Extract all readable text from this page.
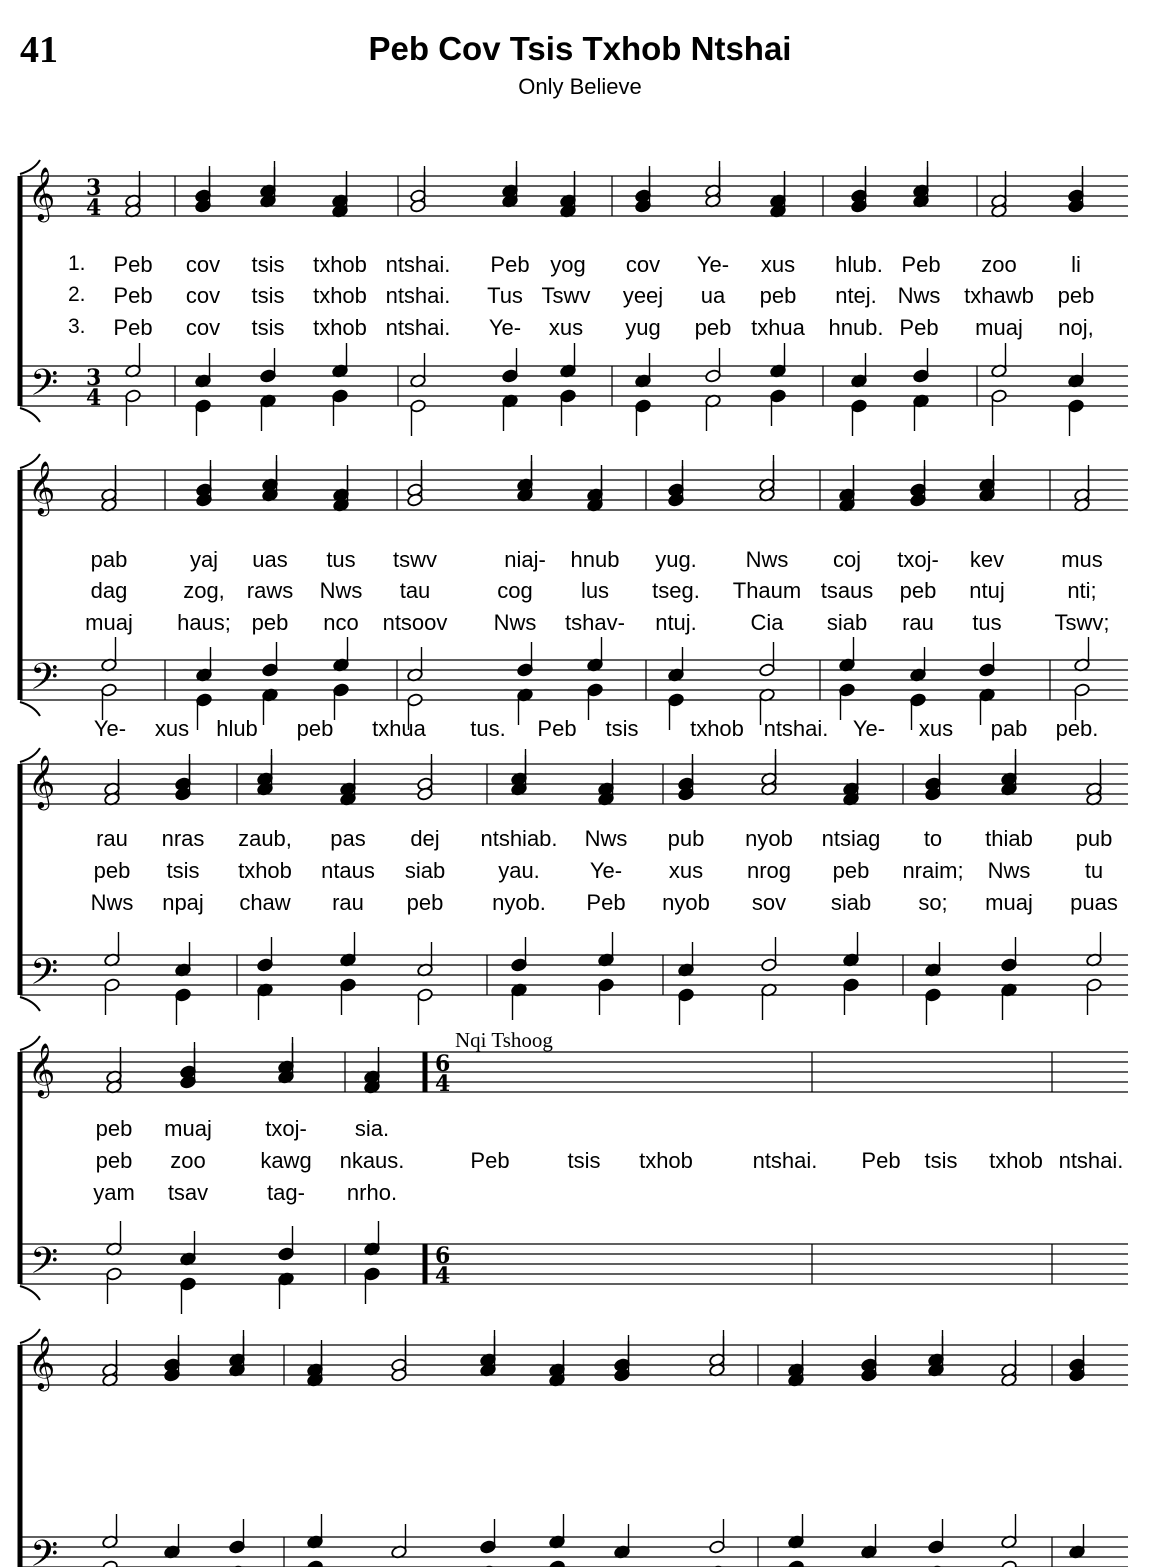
41	Peb Cov Tsis Txhob Ntshai
Only Believe
Nqi Tshoog
𝄞
𝄢
3
4
3
4
𝄞
𝄢
𝄞
𝄢
𝄞
𝄢
6
4
6
4
𝄞
𝄢
1. Peb cov tsis txhob ntshai. Peb yog cov Ye- xus hlub. Peb zoo li
2. Peb cov tsis txhob ntshai. Tus Tswv yeej ua peb ntej. Nws txhawb peb
3. Peb cov tsis txhob ntshai. Ye- xus yug peb txhua hnub. Peb muaj noj,
pab	yaj uas tus tswv	niaj- hnub yug. Nws coj txoj- kev	mus
dag	zog, raws Nws tau	cog lus tseg. Thaum tsaus peb ntuj	nti;
muaj haus; peb nco ntsoov Nws tshav- ntuj. Cia siab rau tus Tswv;
rau nras zaub, pas dej ntshiab. Nws pub nyob ntsiag to thiab pub
peb tsis txhob ntaus siab yau. Ye- xus nrog peb nraim; Nws tu
Nws npaj chaw rau peb nyob. Peb nyob sov siab so; muaj puas
peb muaj txoj- sia.
peb zoo kawg nkaus.	Peb	tsis txhob	ntshai. Peb tsis txhob ntshai.
yam tsav	tag- nrho.
Ye- xus hlub peb txhua tus. Peb tsis txhob ntshai. Ye- xus pab peb.
